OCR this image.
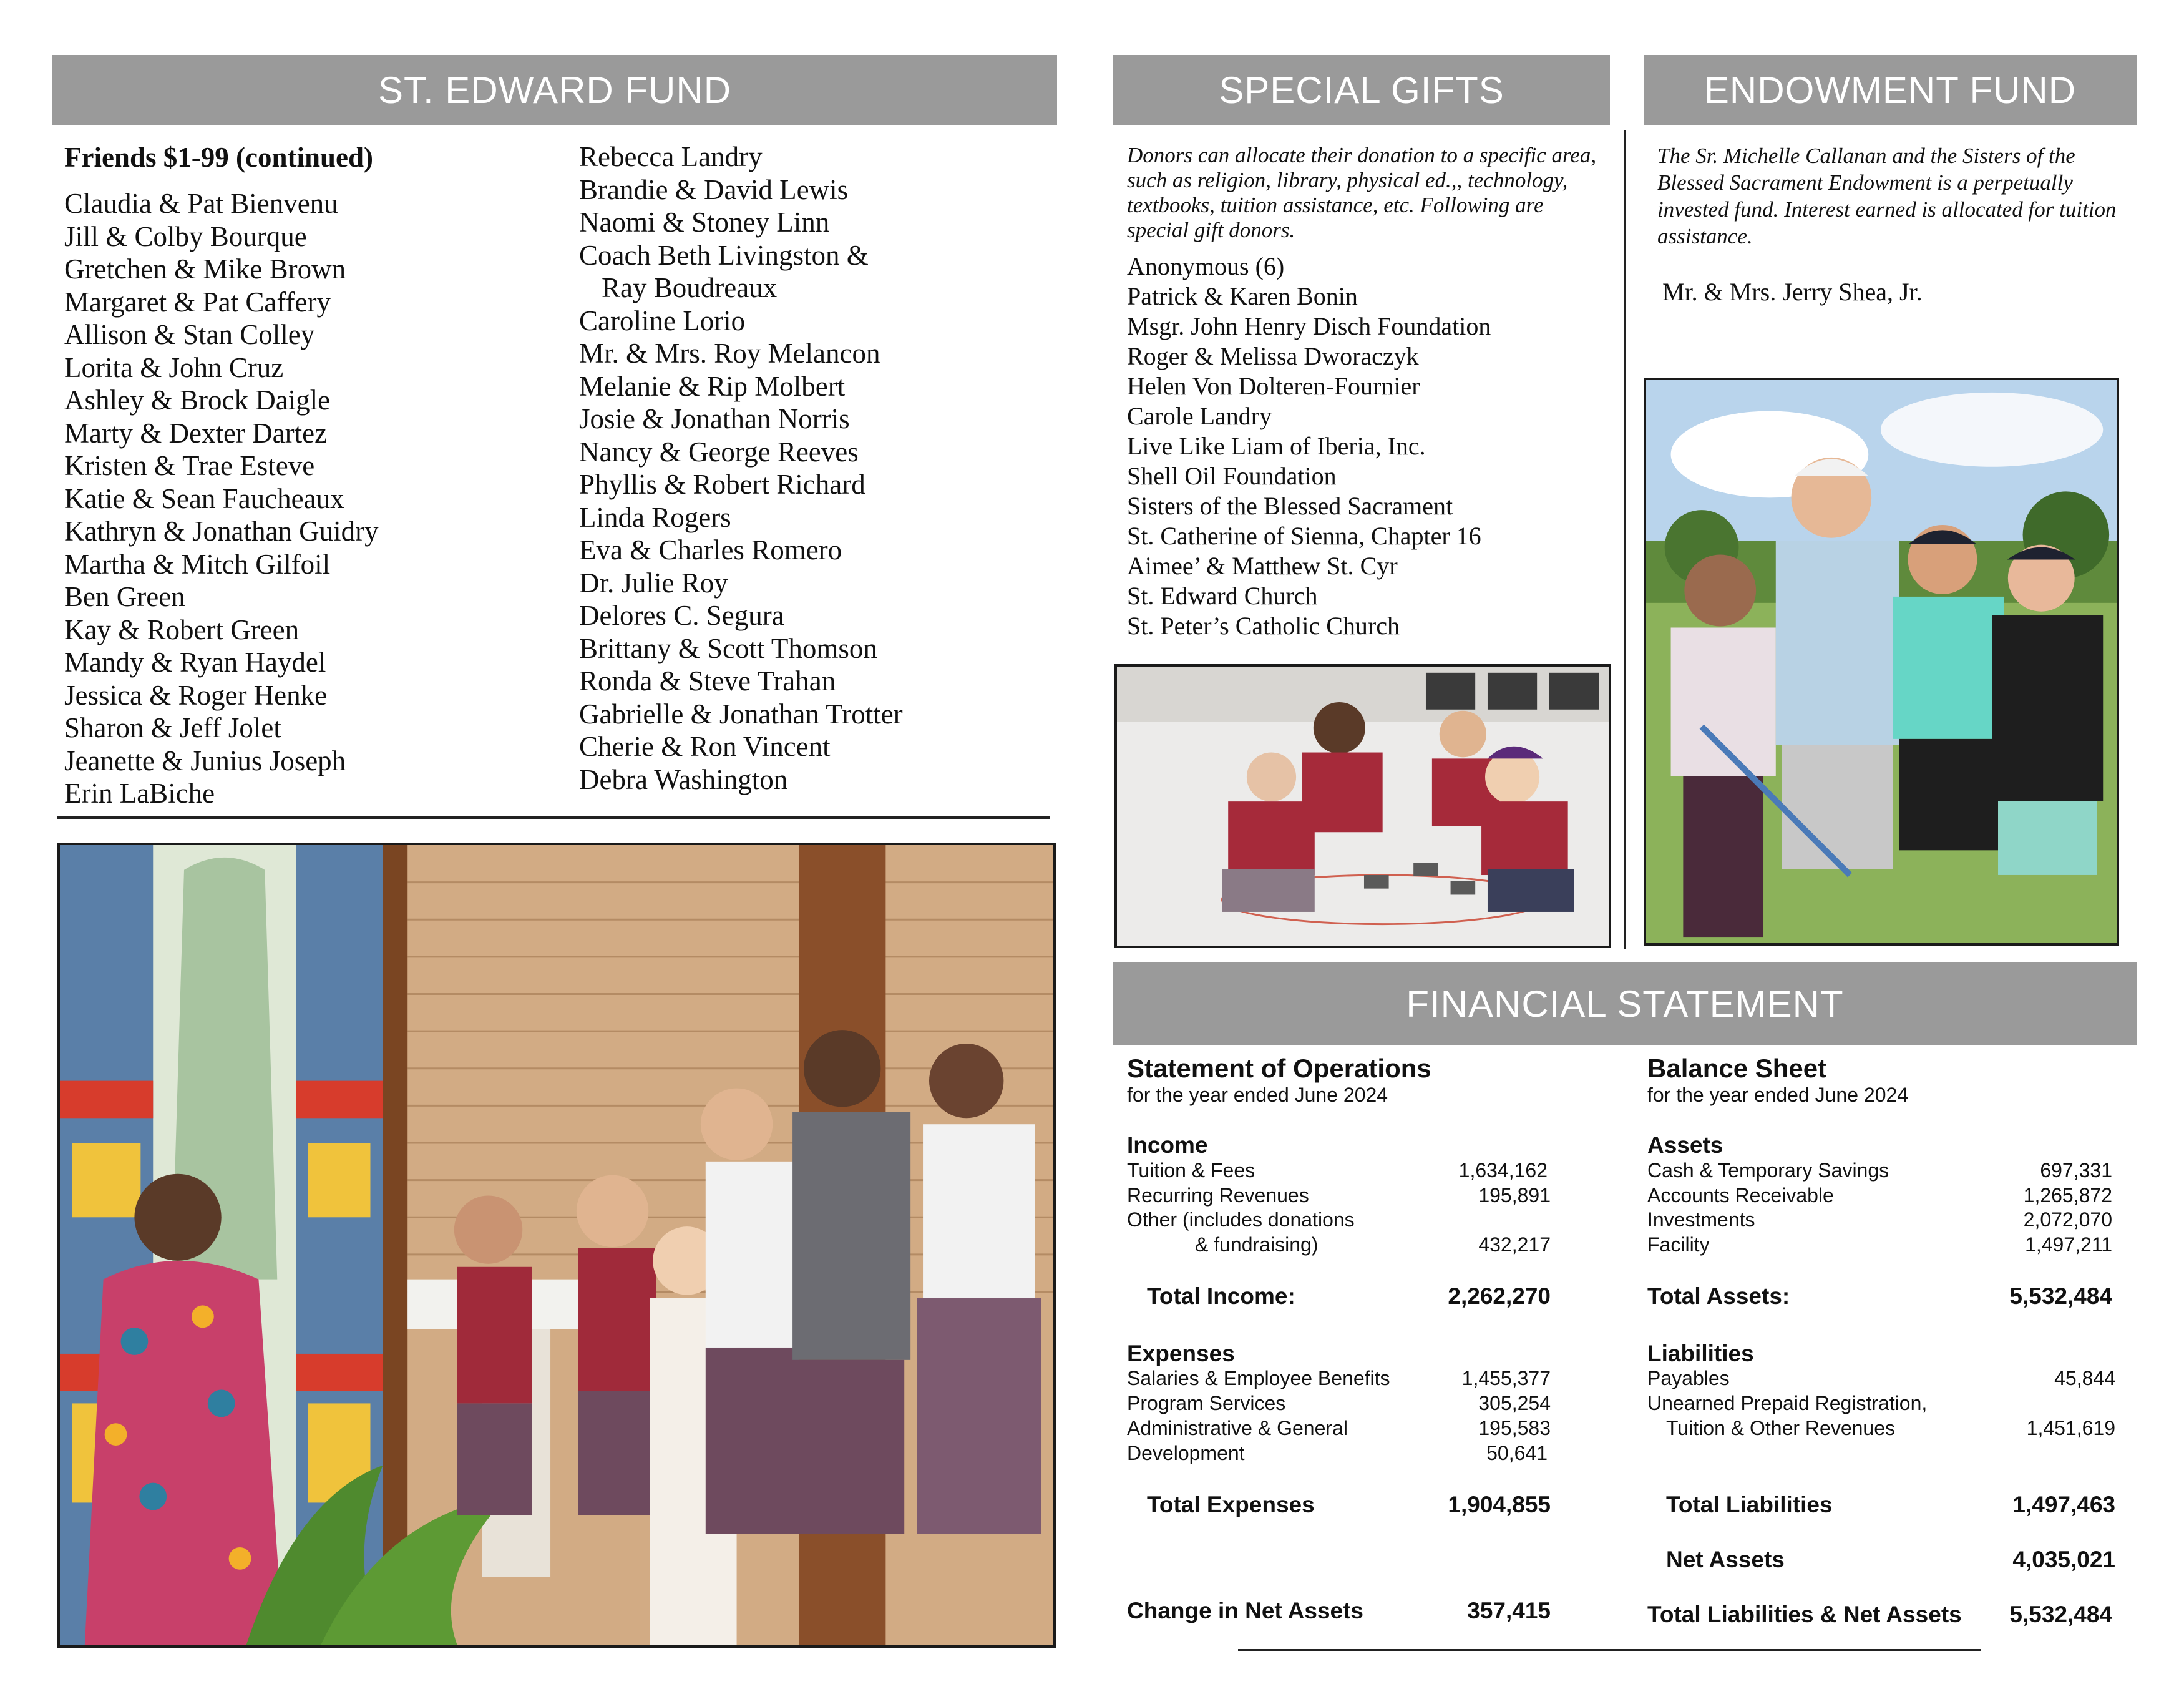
ST. EDWARD FUND
Friends $1-99 (continued)
Claudia & Pat Bienvenu
Jill & Colby Bourque
Gretchen & Mike Brown
Margaret & Pat Caffery
Allison & Stan Colley
Lorita & John Cruz
Ashley & Brock Daigle
Marty & Dexter Dartez
Kristen & Trae Esteve
Katie & Sean Faucheaux
Kathryn & Jonathan Guidry
Martha & Mitch Gilfoil
Ben Green
Kay & Robert Green
Mandy & Ryan Haydel
Jessica & Roger Henke
Sharon & Jeff Jolet
Jeanette & Junius Joseph
Erin LaBiche
Rebecca Landry
Brandie & David Lewis
Naomi & Stoney Linn
Coach Beth Livingston &
Ray Boudreaux
Caroline Lorio
Mr. & Mrs. Roy Melancon
Melanie & Rip Molbert
Josie & Jonathan Norris
Nancy & George Reeves
Phyllis & Robert Richard
Linda Rogers
Eva & Charles Romero
Dr. Julie Roy
Delores C. Segura
Brittany & Scott Thomson
Ronda & Steve Trahan
Gabrielle & Jonathan Trotter
Cherie & Ron Vincent
Debra Washington
SPECIAL GIFTS

Donors can allocate their donation to a specific area, such as religion, library, physical ed.,, technology, textbooks, tuition assistance, etc. Following are special gift donors.

Anonymous (6)
Patrick & Karen Bonin
Msgr. John Henry Disch Foundation
Roger & Melissa Dworaczyk
Helen Von Dolteren-Fournier
Carole Landry
Live Like Liam of Iberia, Inc.
Shell Oil Foundation
Sisters of the Blessed Sacrament
St. Catherine of Sienna, Chapter 16
Aimee’ & Matthew St. Cyr
St. Edward Church
St. Peter’s Catholic Church
ENDOWMENT FUND

The Sr. Michelle Callanan and the Sisters of the Blessed Sacrament Endowment is a perpetually invested fund. Interest earned is allocated for tuition assistance.

Mr. & Mrs. Jerry Shea, Jr.
FINANCIAL STATEMENT
Statement of Operations
for the year ended June 2024
Income
Tuition & Fees	1,634,162
Recurring Revenues	195,891
Other (includes donations
& fundraising)	432,217
Total Income:	2,262,270
Expenses
Salaries & Employee Benefits	1,455,377
Program Services	305,254
Administrative & General	195,583
Development	50,641
Total Expenses	1,904,855
Change in Net Assets	357,415
Balance Sheet
for the year ended June 2024
Assets
Cash & Temporary Savings	697,331
Accounts Receivable	1,265,872
Investments	2,072,070
Facility	1,497,211
Total Assets:	5,532,484
Liabilities
Payables	45,844
Unearned Prepaid Registration,
Tuition & Other Revenues	1,451,619
Total Liabilities	1,497,463
Net Assets	4,035,021
Total Liabilities & Net Assets	5,532,484
